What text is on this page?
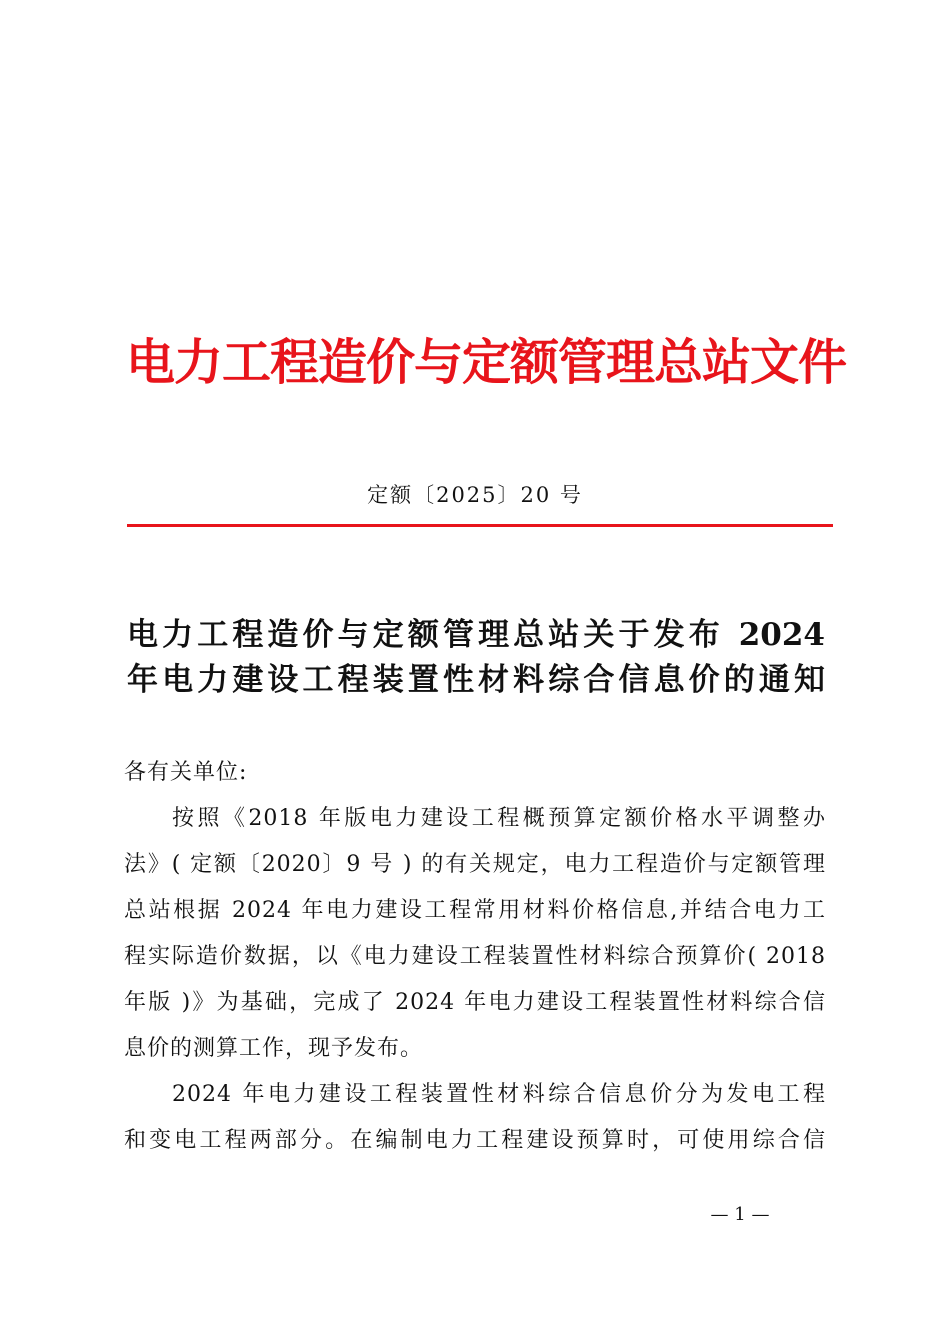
电力工程造价与定额管理总站文件
定额〔2025〕20 号
电力工程造价与定额管理总站关于发布 2024
年电力建设工程装置性材料综合信息价的通知
各有关单位:
按照《2018 年版电力建设工程概预算定额价格水平调整办
法》( 定额〔2020〕9 号 ) 的有关规定，电力工程造价与定额管理
总站根据 2024 年电力建设工程常用材料价格信息,并结合电力工
程实际造价数据，以《电力建设工程装置性材料综合预算价( 2018
年版 )》为基础，完成了 2024 年电力建设工程装置性材料综合信
息价的测算工作，现予发布。
2024 年电力建设工程装置性材料综合信息价分为发电工程
和变电工程两部分。在编制电力工程建设预算时，可使用综合信
— 1 —
